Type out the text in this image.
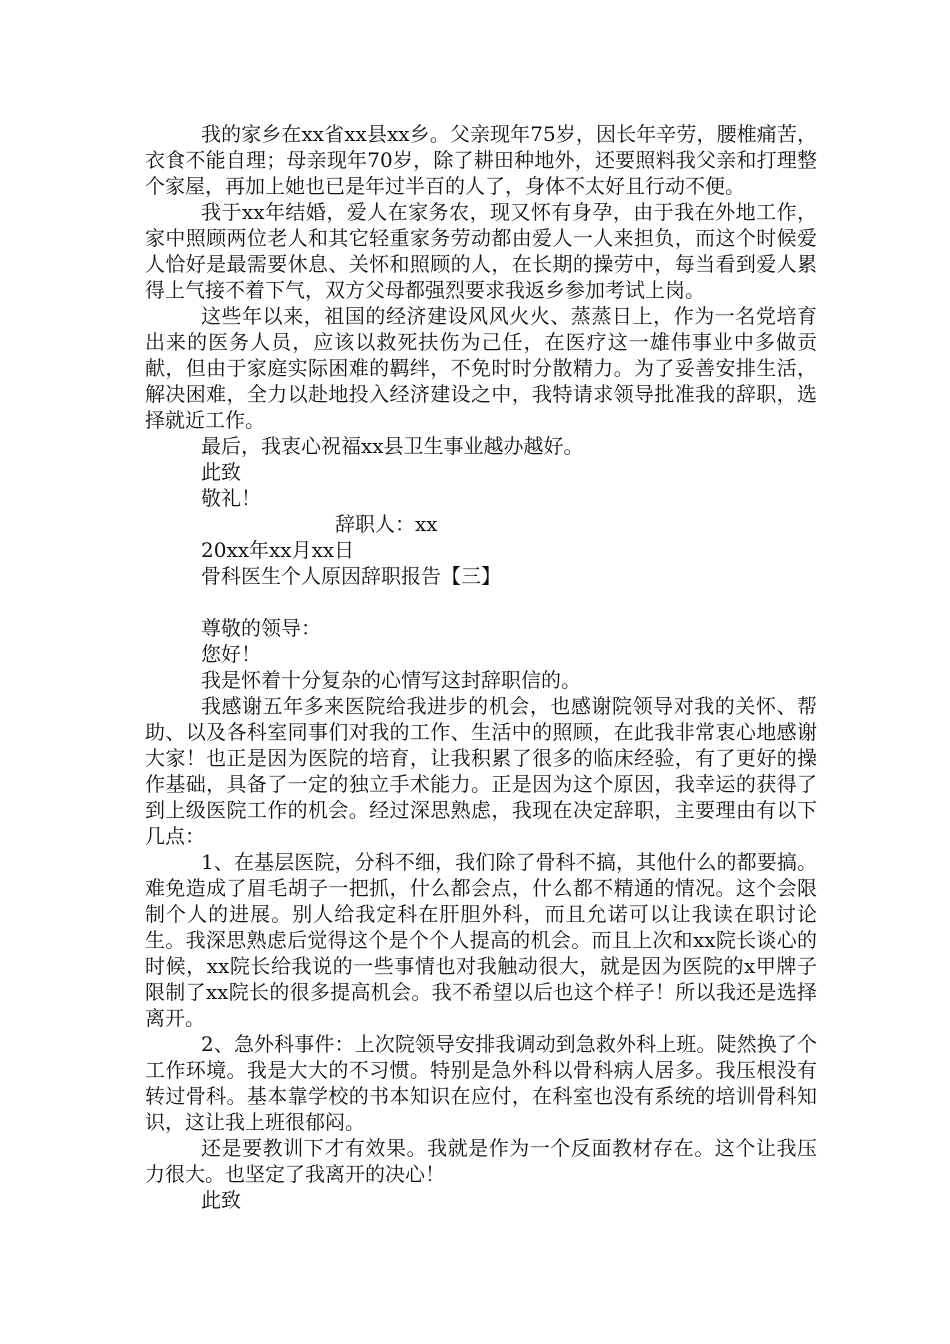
我的家乡在xx省xx县xx乡。父亲现年75岁，因长年辛劳，腰椎痛苦，衣食不能自理；母亲现年70岁，除了耕田种地外，还要照料我父亲和打理整个家屋，再加上她也已是年过半百的人了，身体不太好且行动不便。

我于xx年结婚，爱人在家务农，现又怀有身孕，由于我在外地工作，家中照顾两位老人和其它轻重家务劳动都由爱人一人来担负，而这个时候爱人恰好是最需要休息、关怀和照顾的人，在长期的操劳中，每当看到爱人累得上气接不着下气，双方父母都强烈要求我返乡参加考试上岗。

这些年以来，祖国的经济建设风风火火、蒸蒸日上，作为一名党培育出来的医务人员，应该以救死扶伤为己任，在医疗这一雄伟事业中多做贡献，但由于家庭实际困难的羁绊，不免时时分散精力。为了妥善安排生活，解决困难，全力以赴地投入经济建设之中，我特请求领导批准我的辞职，选择就近工作。

最后，我衷心祝福xx县卫生事业越办越好。

此致

敬礼！

辞职人：xx

20xx年xx月xx日

骨科医生个人原因辞职报告【三】

尊敬的领导：

您好！

我是怀着十分复杂的心情写这封辞职信的。

我感谢五年多来医院给我进步的机会，也感谢院领导对我的关怀、帮助、以及各科室同事们对我的工作、生活中的照顾，在此我非常衷心地感谢大家！也正是因为医院的培育，让我积累了很多的临床经验，有了更好的操作基础，具备了一定的独立手术能力。正是因为这个原因，我幸运的获得了到上级医院工作的机会。经过深思熟虑，我现在决定辞职，主要理由有以下几点：

1、在基层医院，分科不细，我们除了骨科不搞，其他什么的都要搞。难免造成了眉毛胡子一把抓，什么都会点，什么都不精通的情况。这个会限制个人的进展。别人给我定科在肝胆外科，而且允诺可以让我读在职讨论生。我深思熟虑后觉得这个是个个人提高的机会。而且上次和xx院长谈心的时候，xx院长给我说的一些事情也对我触动很大，就是因为医院的x甲牌子限制了xx院长的很多提高机会。我不希望以后也这个样子！所以我还是选择离开。

2、急外科事件：上次院领导安排我调动到急救外科上班。陡然换了个工作环境。我是大大的不习惯。特别是急外科以骨科病人居多。我压根没有转过骨科。基本靠学校的书本知识在应付，在科室也没有系统的培训骨科知识，这让我上班很郁闷。

还是要教训下才有效果。我就是作为一个反面教材存在。这个让我压力很大。也坚定了我离开的决心！

此致
